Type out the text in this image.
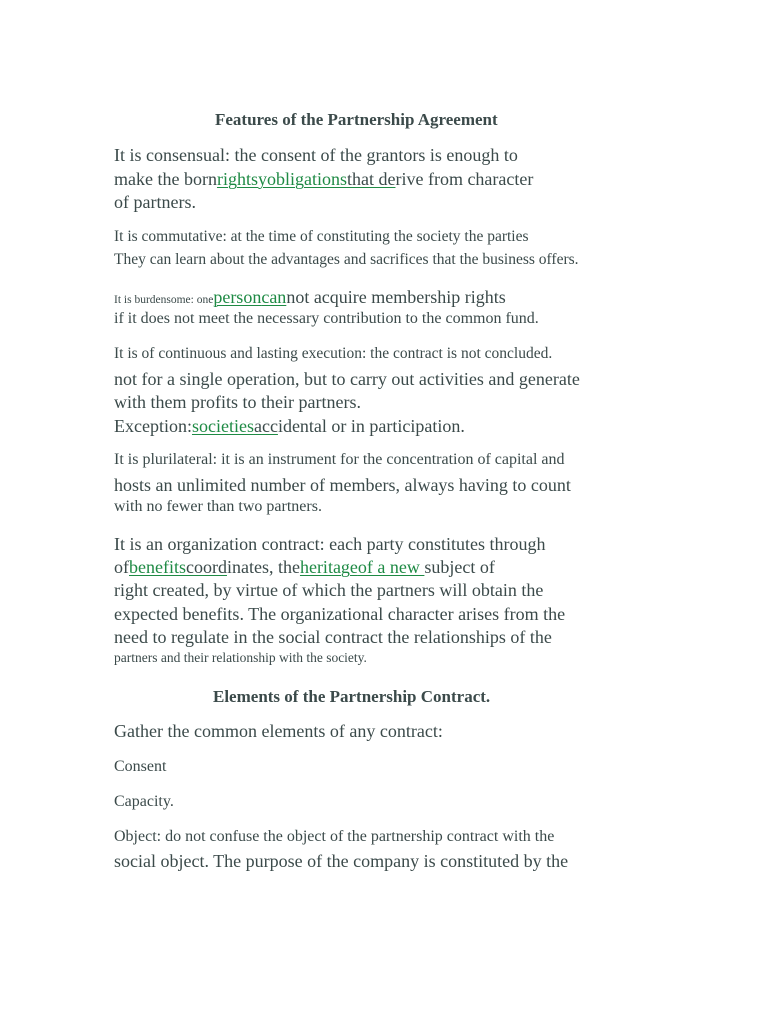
Features of the Partnership Agreement
It is consensual: the consent of the grantors is enough to
make the bornrightsyobligationsthat derive from character
of partners.
It is commutative: at the time of constituting the society the parties
They can learn about the advantages and sacrifices that the business offers.
It is burdensome: onepersoncannot acquire membership rights
if it does not meet the necessary contribution to the common fund.
It is of continuous and lasting execution: the contract is not concluded.
not for a single operation, but to carry out activities and generate
with them profits to their partners.
Exception:societiesaccidental or in participation.
It is plurilateral: it is an instrument for the concentration of capital and
hosts an unlimited number of members, always having to count
with no fewer than two partners.
It is an organization contract: each party constitutes through
ofbenefitscoordinates, theheritageof a new subject of
right created, by virtue of which the partners will obtain the
expected benefits. The organizational character arises from the
need to regulate in the social contract the relationships of the
partners and their relationship with the society.
Elements of the Partnership Contract.
Gather the common elements of any contract:
Consent
Capacity.
Object: do not confuse the object of the partnership contract with the
social object. The purpose of the company is constituted by the
